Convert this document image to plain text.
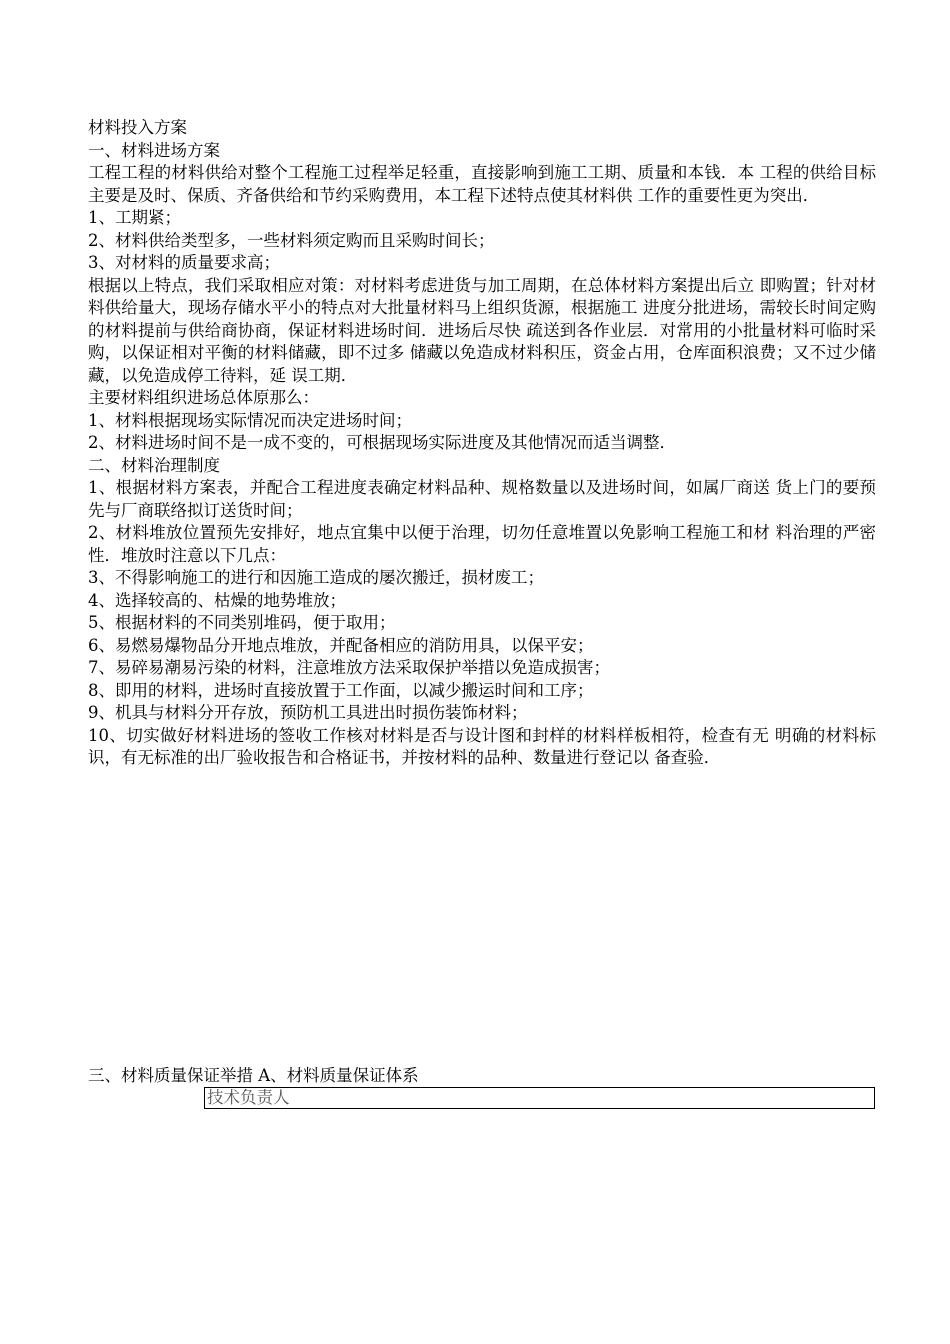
材料投入方案

一、材料进场方案

工程工程的材料供给对整个工程施工过程举足轻重，直接影响到施工工期、质量和本钱．本 工程的供给目标主要是及时、保质、齐备供给和节约采购费用，本工程下述特点使其材料供 工作的重要性更为突出．

1、工期紧；

2、材料供给类型多，一些材料须定购而且采购时间长；

3、对材料的质量要求高；

根据以上特点，我们采取相应对策：对材料考虑进货与加工周期，在总体材料方案提出后立 即购置；针对材料供给量大，现场存储水平小的特点对大批量材料马上组织货源，根据施工 进度分批进场，需较长时间定购的材料提前与供给商协商，保证材料进场时间．进场后尽快 疏送到各作业层．对常用的小批量材料可临时采购，以保证相对平衡的材料储藏，即不过多 储藏以免造成材料积压，资金占用，仓库面积浪费；又不过少储藏，以免造成停工待料，延 误工期．

主要材料组织进场总体原那么：

1、材料根据现场实际情况而决定进场时间；

2、材料进场时间不是一成不变的，可根据现场实际进度及其他情况而适当调整．

二、材料治理制度

1、根据材料方案表，并配合工程进度表确定材料品种、规格数量以及进场时间，如属厂商送 货上门的要预先与厂商联络拟订送货时间；

2、材料堆放位置预先安排好，地点宜集中以便于治理，切勿任意堆置以免影响工程施工和材 料治理的严密性．堆放时注意以下几点：

3、不得影响施工的进行和因施工造成的屡次搬迁，损材废工；

4、选择较高的、枯燥的地势堆放；

5、根据材料的不同类别堆码，便于取用；

6、易燃易爆物品分开地点堆放，并配备相应的消防用具，以保平安；

7、易碎易潮易污染的材料，注意堆放方法采取保护举措以免造成损害；

8、即用的材料，进场时直接放置于工作面，以减少搬运时间和工序；

9、机具与材料分开存放，预防机工具进出时损伤装饰材料；

10、切实做好材料进场的签收工作核对材料是否与设计图和封样的材料样板相符，检查有无 明确的材料标识，有无标准的出厂验收报告和合格证书，并按材料的品种、数量进行登记以 备查验．

三、材料质量保证举措 A、材料质量保证体系
技术负责人
